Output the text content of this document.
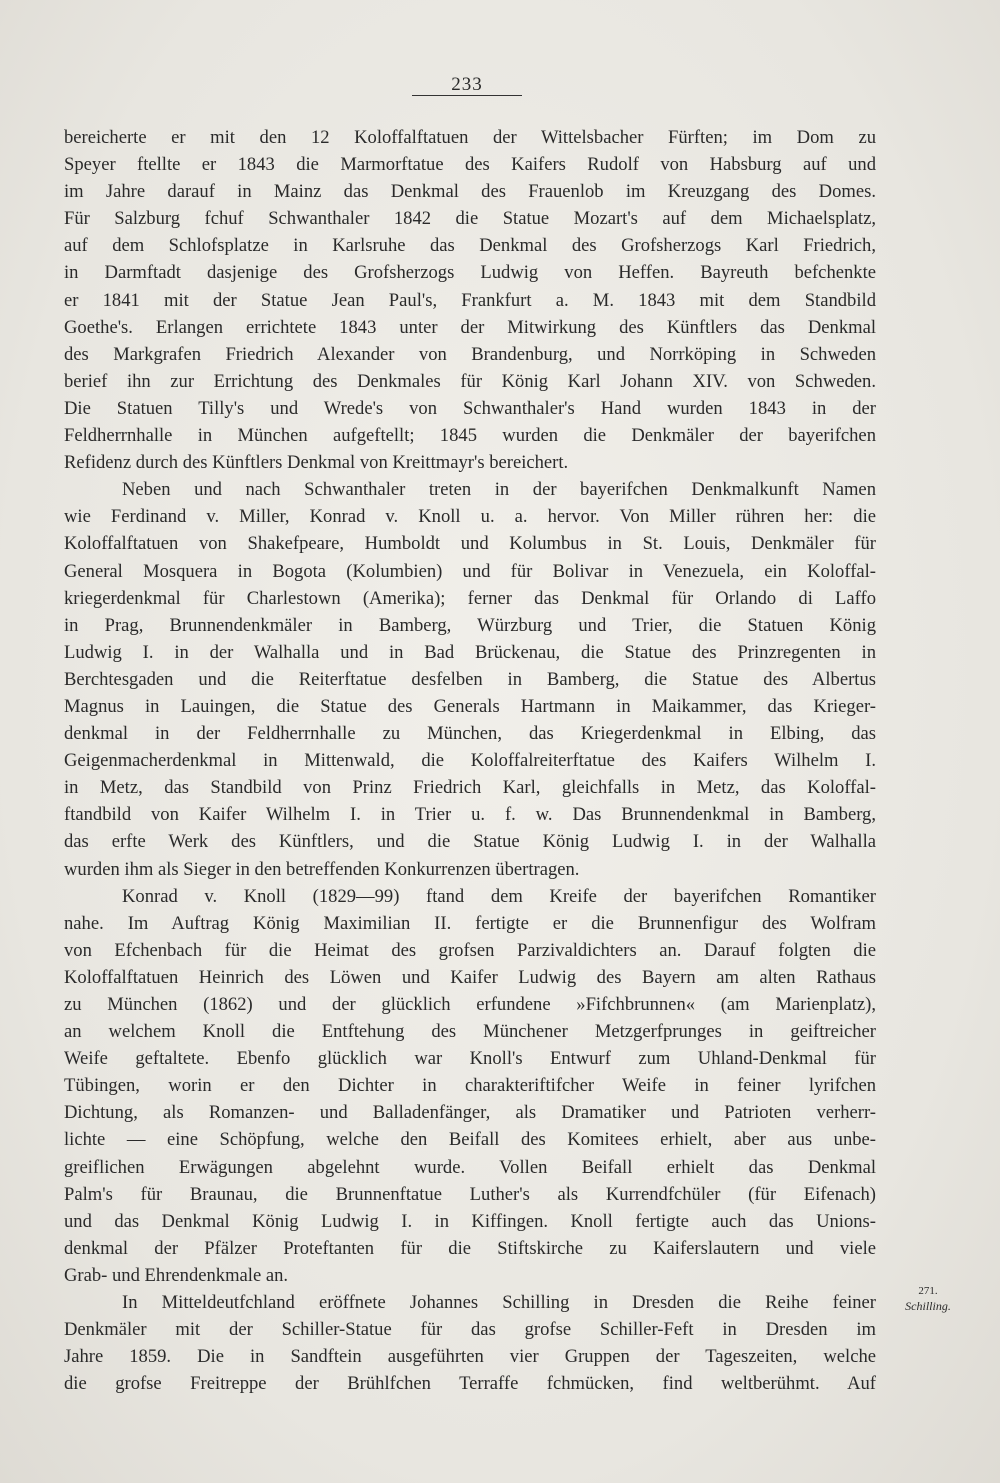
233
bereicherte er mit den 12 Koloffalftatuen der Wittelsbacher Fürften; im Dom zu
Speyer ftellte er 1843 die Marmorftatue des Kaifers Rudolf von Habsburg auf und
im Jahre darauf in Mainz das Denkmal des Frauenlob im Kreuzgang des Domes.
Für Salzburg fchuf Schwanthaler 1842 die Statue Mozart's auf dem Michaelsplatz,
auf dem Schlofsplatze in Karlsruhe das Denkmal des Grofsherzogs Karl Friedrich,
in Darmftadt dasjenige des Grofsherzogs Ludwig von Heffen. Bayreuth befchenkte
er 1841 mit der Statue Jean Paul's, Frankfurt a. M. 1843 mit dem Standbild
Goethe's. Erlangen errichtete 1843 unter der Mitwirkung des Künftlers das Denkmal
des Markgrafen Friedrich Alexander von Brandenburg, und Norrköping in Schweden
berief ihn zur Errichtung des Denkmales für König Karl Johann XIV. von Schweden.
Die Statuen Tilly's und Wrede's von Schwanthaler's Hand wurden 1843 in der
Feldherrnhalle in München aufgeftellt; 1845 wurden die Denkmäler der bayerifchen
Refidenz durch des Künftlers Denkmal von Kreittmayr's bereichert.
Neben und nach Schwanthaler treten in der bayerifchen Denkmalkunft Namen
wie Ferdinand v. Miller, Konrad v. Knoll u. a. hervor. Von Miller rühren her: die
Koloffalftatuen von Shakefpeare, Humboldt und Kolumbus in St. Louis, Denkmäler für
General Mosquera in Bogota (Kolumbien) und für Bolivar in Venezuela, ein Koloffal-
kriegerdenkmal für Charlestown (Amerika); ferner das Denkmal für Orlando di Laffo
in Prag, Brunnendenkmäler in Bamberg, Würzburg und Trier, die Statuen König
Ludwig I. in der Walhalla und in Bad Brückenau, die Statue des Prinzregenten in
Berchtesgaden und die Reiterftatue desfelben in Bamberg, die Statue des Albertus
Magnus in Lauingen, die Statue des Generals Hartmann in Maikammer, das Krieger-
denkmal in der Feldherrnhalle zu München, das Kriegerdenkmal in Elbing, das
Geigenmacherdenkmal in Mittenwald, die Koloffalreiterftatue des Kaifers Wilhelm I.
in Metz, das Standbild von Prinz Friedrich Karl, gleichfalls in Metz, das Koloffal-
ftandbild von Kaifer Wilhelm I. in Trier u. f. w. Das Brunnendenkmal in Bamberg,
das erfte Werk des Künftlers, und die Statue König Ludwig I. in der Walhalla
wurden ihm als Sieger in den betreffenden Konkurrenzen übertragen.
Konrad v. Knoll (1829—99) ftand dem Kreife der bayerifchen Romantiker
nahe. Im Auftrag König Maximilian II. fertigte er die Brunnenfigur des Wolfram
von Efchenbach für die Heimat des grofsen Parzivaldichters an. Darauf folgten die
Koloffalftatuen Heinrich des Löwen und Kaifer Ludwig des Bayern am alten Rathaus
zu München (1862) und der glücklich erfundene »Fifchbrunnen« (am Marienplatz),
an welchem Knoll die Entftehung des Münchener Metzgerfprunges in geiftreicher
Weife geftaltete. Ebenfo glücklich war Knoll's Entwurf zum Uhland-Denkmal für
Tübingen, worin er den Dichter in charakteriftifcher Weife in feiner lyrifchen
Dichtung, als Romanzen- und Balladenfänger, als Dramatiker und Patrioten verherr-
lichte — eine Schöpfung, welche den Beifall des Komitees erhielt, aber aus unbe-
greiflichen Erwägungen abgelehnt wurde. Vollen Beifall erhielt das Denkmal
Palm's für Braunau, die Brunnenftatue Luther's als Kurrendfchüler (für Eifenach)
und das Denkmal König Ludwig I. in Kiffingen. Knoll fertigte auch das Unions-
denkmal der Pfälzer Proteftanten für die Stiftskirche zu Kaiferslautern und viele
Grab- und Ehrendenkmale an.
In Mitteldeutfchland eröffnete Johannes Schilling in Dresden die Reihe feiner
Denkmäler mit der Schiller-Statue für das grofse Schiller-Feft in Dresden im
Jahre 1859. Die in Sandftein ausgeführten vier Gruppen der Tageszeiten, welche
die grofse Freitreppe der Brühlfchen Terraffe fchmücken, find weltberühmt. Auf
271.
Schilling.
